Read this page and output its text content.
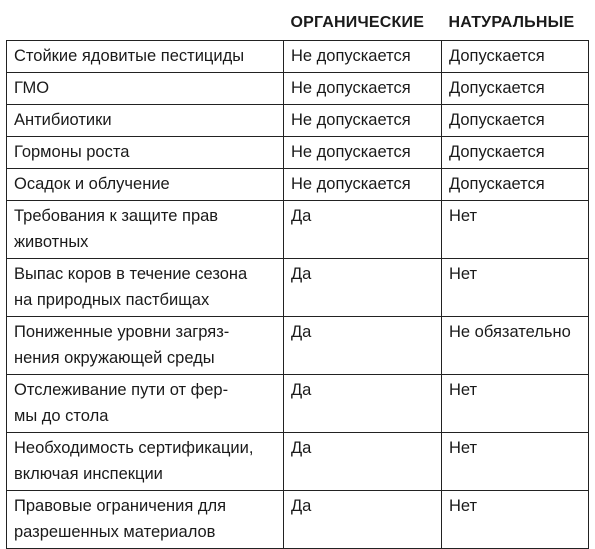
	ОРГАНИЧЕСКИЕ	НАТУРАЛЬНЫЕ
Стойкие ядовитые пестициды	Не допускается	Допускается
ГМО	Не допускается	Допускается
Антибиотики	Не допускается	Допускается
Гормоны роста	Не допускается	Допускается
Осадок и облучение	Не допускается	Допускается
Требования к защите прав
животных	Да	Нет
Выпас коров в течение сезона
на природных пастбищах	Да	Нет
Пониженные уровни загряз-
нения окружающей среды	Да	Не обязательно
Отслеживание пути от фер-
мы до стола	Да	Нет
Необходимость сертификации,
включая инспекции	Да	Нет
Правовые ограничения для
разрешенных материалов	Да	Нет
